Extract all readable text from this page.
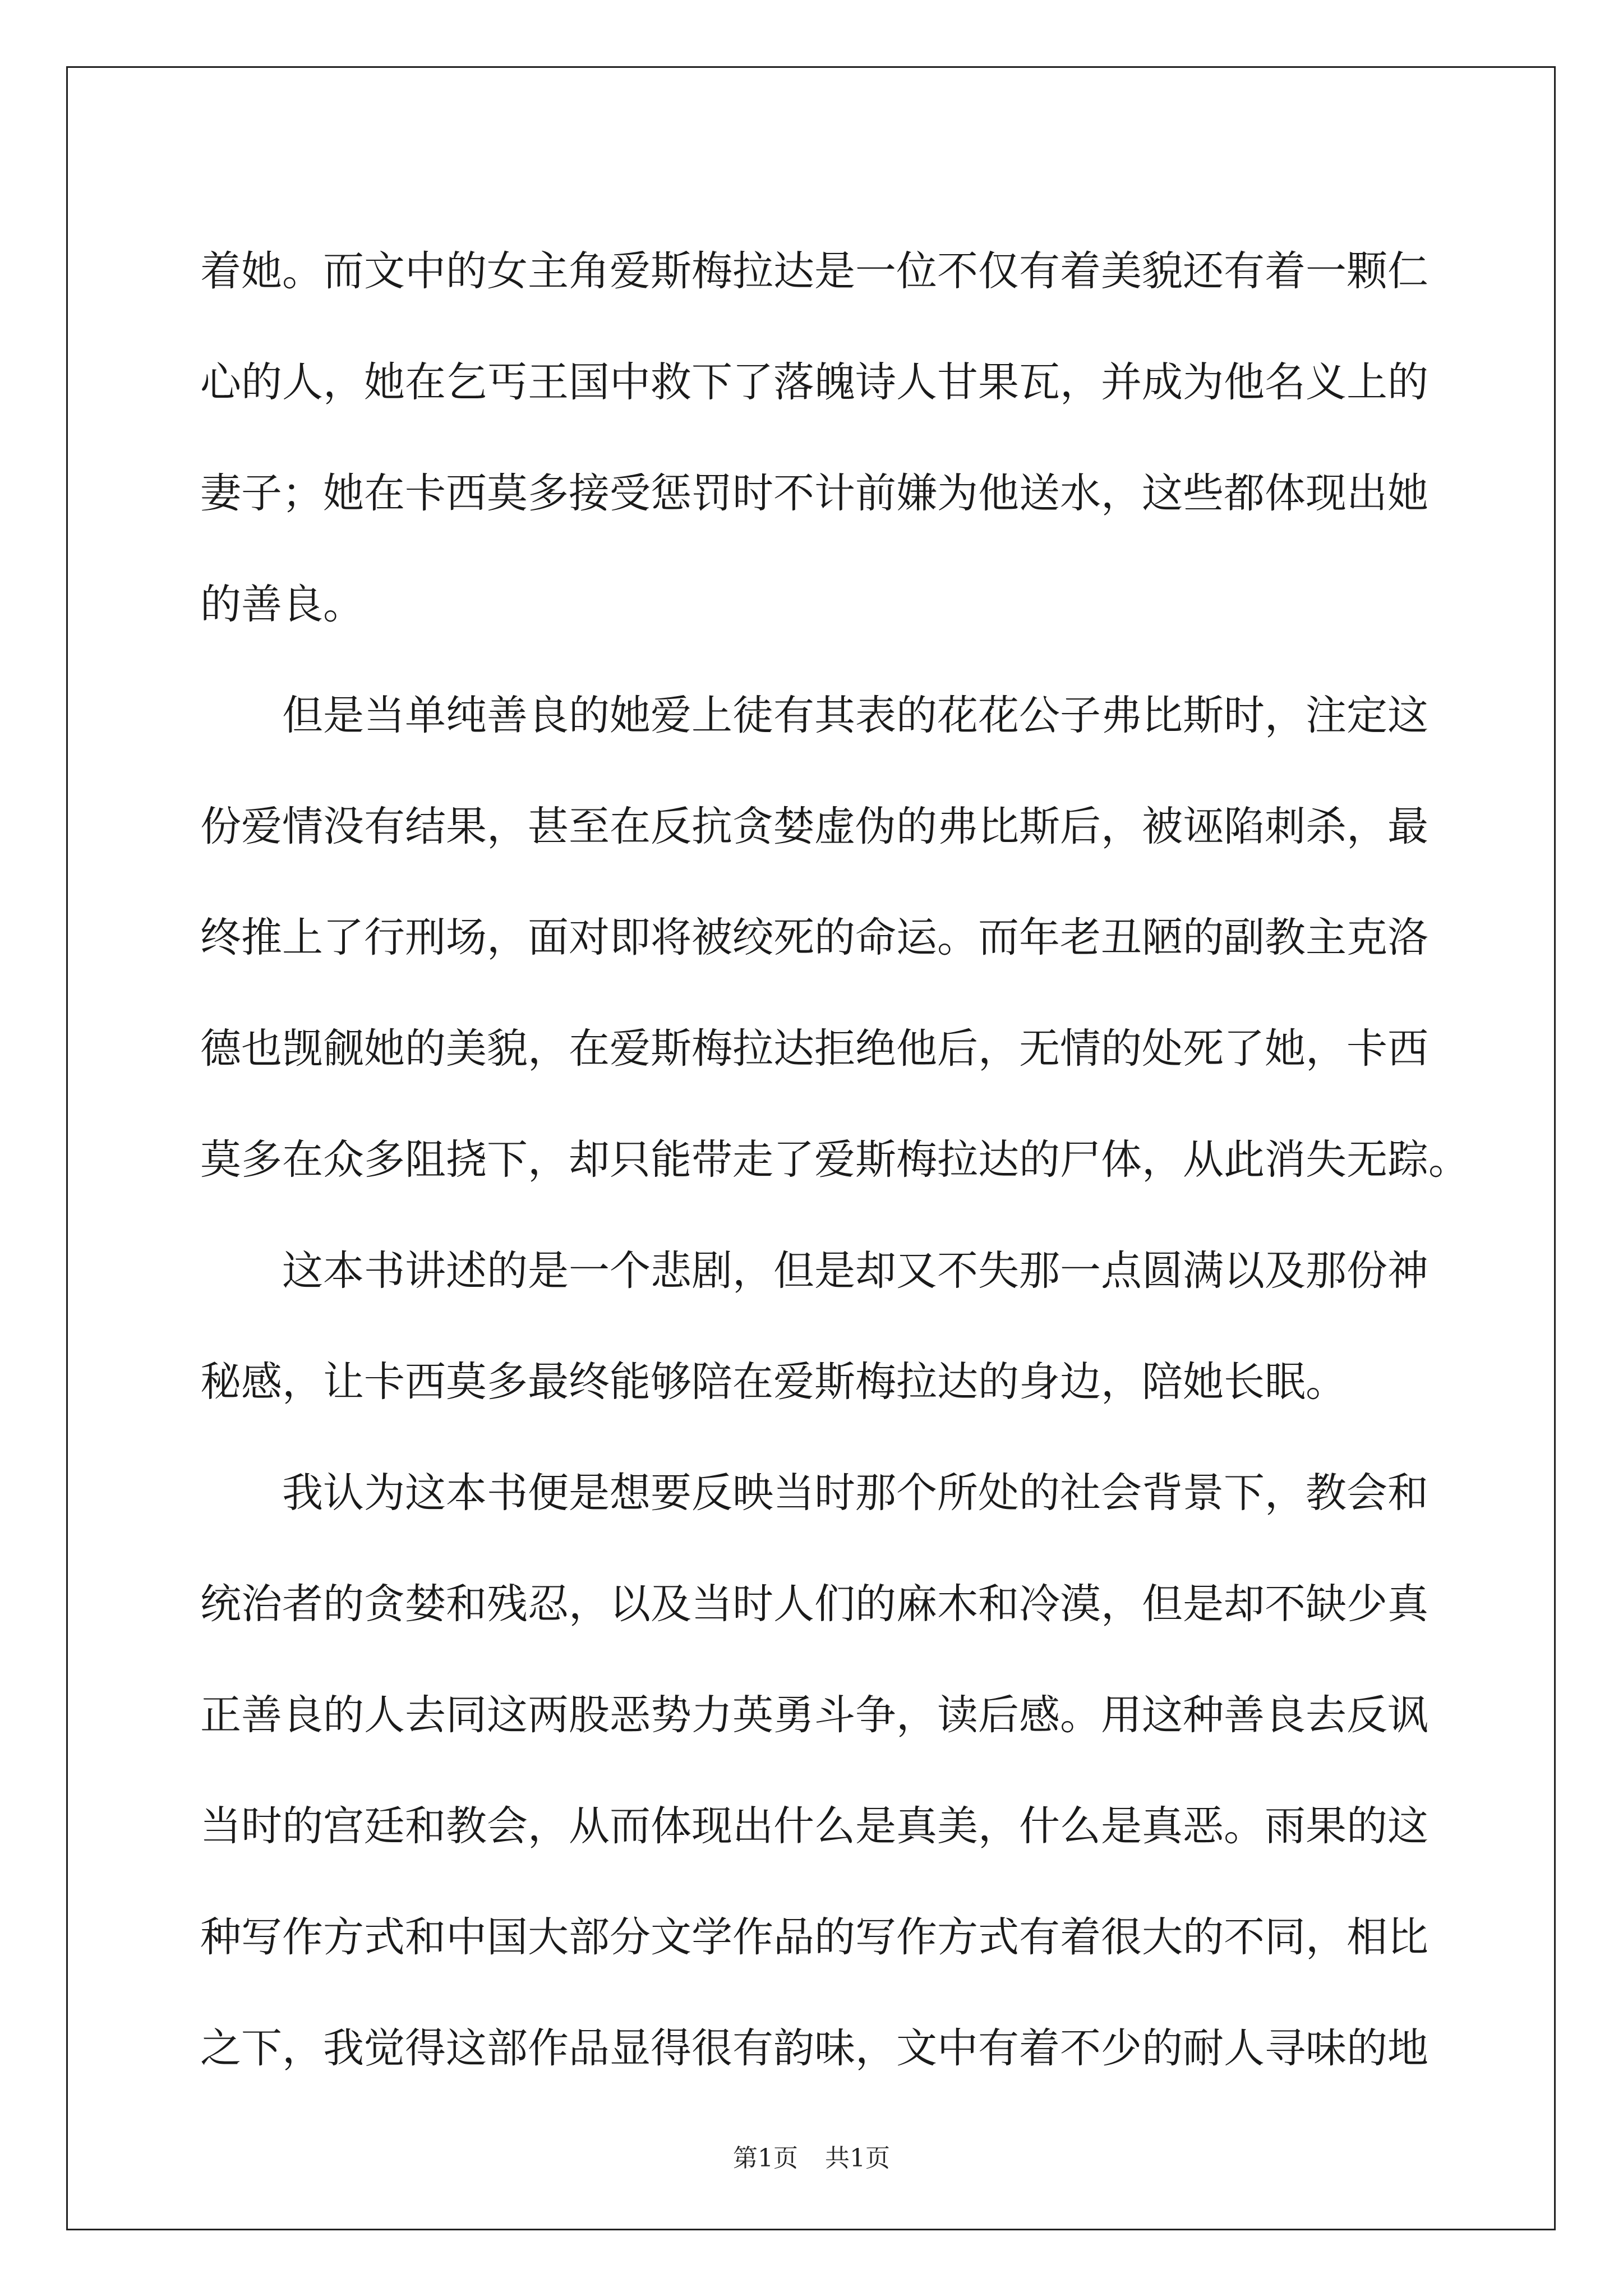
着她。而文中的女主角爱斯梅拉达是一位不仅有着美貌还有着一颗仁
心的人，她在乞丐王国中救下了落魄诗人甘果瓦，并成为他名义上的
妻子；她在卡西莫多接受惩罚时不计前嫌为他送水，这些都体现出她
的善良。
但是当单纯善良的她爱上徒有其表的花花公子弗比斯时，注定这
份爱情没有结果，甚至在反抗贪婪虚伪的弗比斯后，被诬陷刺杀，最
终推上了行刑场，面对即将被绞死的命运。而年老丑陋的副教主克洛
德也觊觎她的美貌，在爱斯梅拉达拒绝他后，无情的处死了她，卡西
莫多在众多阻挠下，却只能带走了爱斯梅拉达的尸体，从此消失无踪。
这本书讲述的是一个悲剧，但是却又不失那一点圆满以及那份神
秘感，让卡西莫多最终能够陪在爱斯梅拉达的身边，陪她长眠。
我认为这本书便是想要反映当时那个所处的社会背景下，教会和
统治者的贪婪和残忍，以及当时人们的麻木和冷漠，但是却不缺少真
正善良的人去同这两股恶势力英勇斗争，读后感。用这种善良去反讽
当时的宫廷和教会，从而体现出什么是真美，什么是真恶。雨果的这
种写作方式和中国大部分文学作品的写作方式有着很大的不同，相比
之下，我觉得这部作品显得很有韵味，文中有着不少的耐人寻味的地
第1页 共1页
